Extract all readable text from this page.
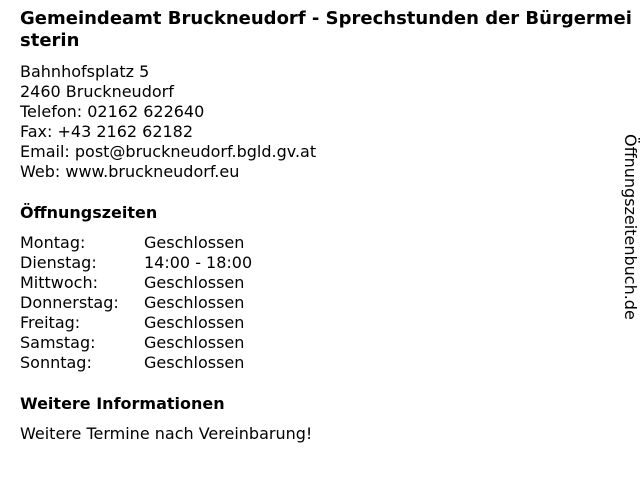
Gemeindeamt Bruckneudorf - Sprechstunden der Bürgermeisterin
Bahnhofsplatz 5
2460 Bruckneudorf
Telefon: 02162 622640
Fax: +43 2162 62182
Email: post@bruckneudorf.bgld.gv.at
Web: www.bruckneudorf.eu
Öffnungszeiten
Montag:	Geschlossen
Dienstag:	14:00 - 18:00
Mittwoch:	Geschlossen
Donnerstag:	Geschlossen
Freitag:	Geschlossen
Samstag:	Geschlossen
Sonntag:	Geschlossen
Weitere Informationen
Weitere Termine nach Vereinbarung!
Öffnungszeitenbuch.de
